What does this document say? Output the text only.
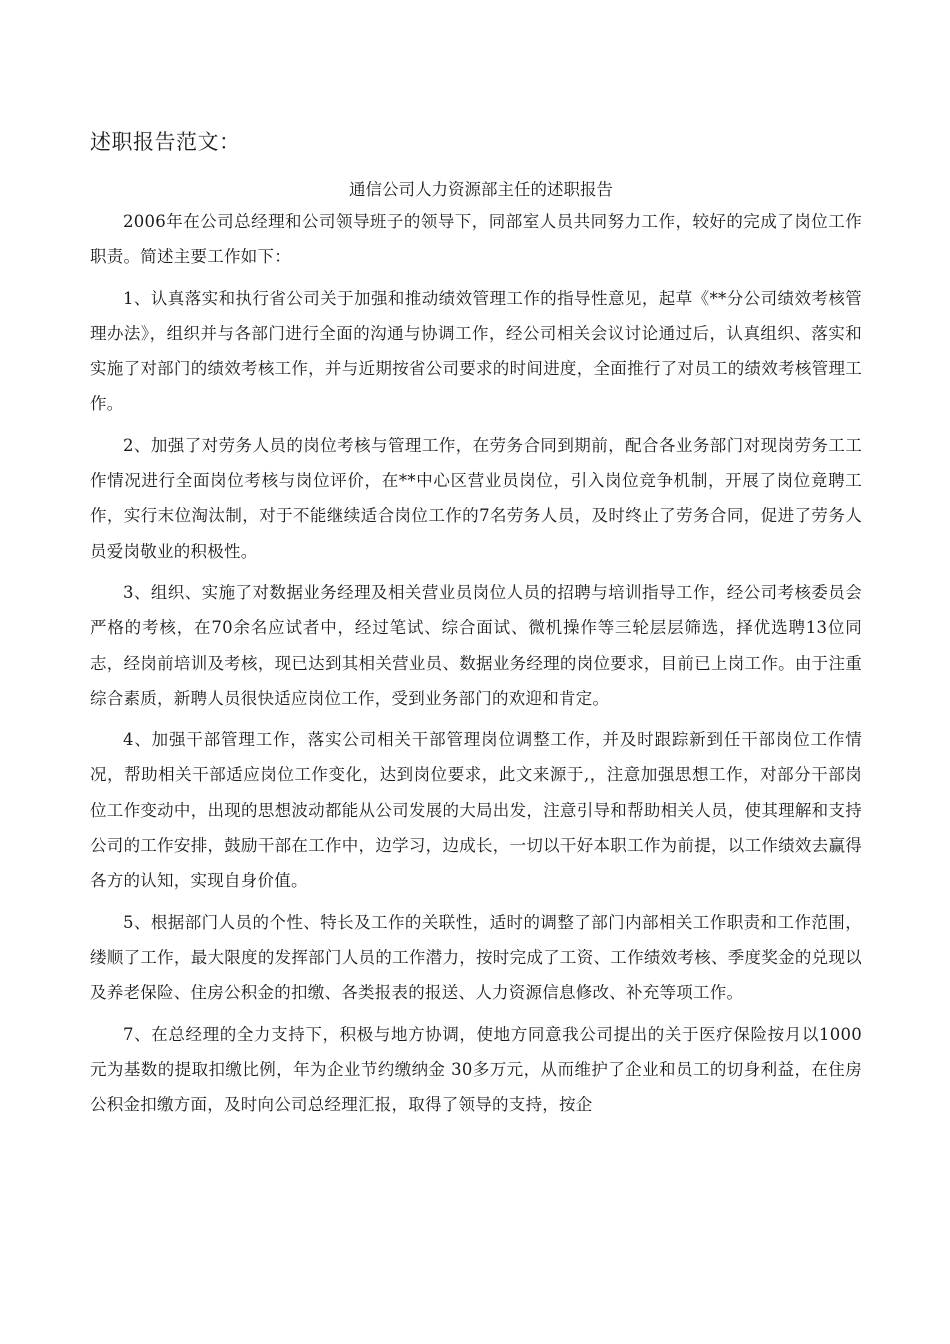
述职报告范文：

通信公司人力资源部主任的述职报告

2006年在公司总经理和公司领导班子的领导下，同部室人员共同努力工作，较好的完成了岗位工作职责。简述主要工作如下：

1、认真落实和执行省公司关于加强和推动绩效管理工作的指导性意见，起草《**分公司绩效考核管理办法》，组织并与各部门进行全面的沟通与协调工作，经公司相关会议讨论通过后，认真组织、落实和实施了对部门的绩效考核工作，并与近期按省公司要求的时间进度，全面推行了对员工的绩效考核管理工作。

2、加强了对劳务人员的岗位考核与管理工作，在劳务合同到期前，配合各业务部门对现岗劳务工工作情况进行全面岗位考核与岗位评价，在**中心区营业员岗位，引入岗位竞争机制，开展了岗位竟聘工作，实行末位淘汰制，对于不能继续适合岗位工作的7名劳务人员，及时终止了劳务合同，促进了劳务人员爱岗敬业的积极性。

3、组织、实施了对数据业务经理及相关营业员岗位人员的招聘与培训指导工作，经公司考核委员会严格的考核，在70余名应试者中，经过笔试、综合面试、微机操作等三轮层层筛选，择优选聘13位同志，经岗前培训及考核，现已达到其相关营业员、数据业务经理的岗位要求，目前已上岗工作。由于注重综合素质，新聘人员很快适应岗位工作，受到业务部门的欢迎和肯定。

4、加强干部管理工作，落实公司相关干部管理岗位调整工作，并及时跟踪新到任干部岗位工作情况，帮助相关干部适应岗位工作变化，达到岗位要求，此文来源于,，注意加强思想工作，对部分干部岗位工作变动中，出现的思想波动都能从公司发展的大局出发，注意引导和帮助相关人员，使其理解和支持公司的工作安排，鼓励干部在工作中，边学习，边成长，一切以干好本职工作为前提，以工作绩效去赢得各方的认知，实现自身价值。

5、根据部门人员的个性、特长及工作的关联性，适时的调整了部门内部相关工作职责和工作范围，缕顺了工作，最大限度的发挥部门人员的工作潜力，按时完成了工资、工作绩效考核、季度奖金的兑现以及养老保险、住房公积金的扣缴、各类报表的报送、人力资源信息修改、补充等项工作。

7、在总经理的全力支持下，积极与地方协调，使地方同意我公司提出的关于医疗保险按月以1000元为基数的提取扣缴比例，年为企业节约缴纳金 30多万元，从而维护了企业和员工的切身利益，在住房公积金扣缴方面，及时向公司总经理汇报，取得了领导的支持，按企
